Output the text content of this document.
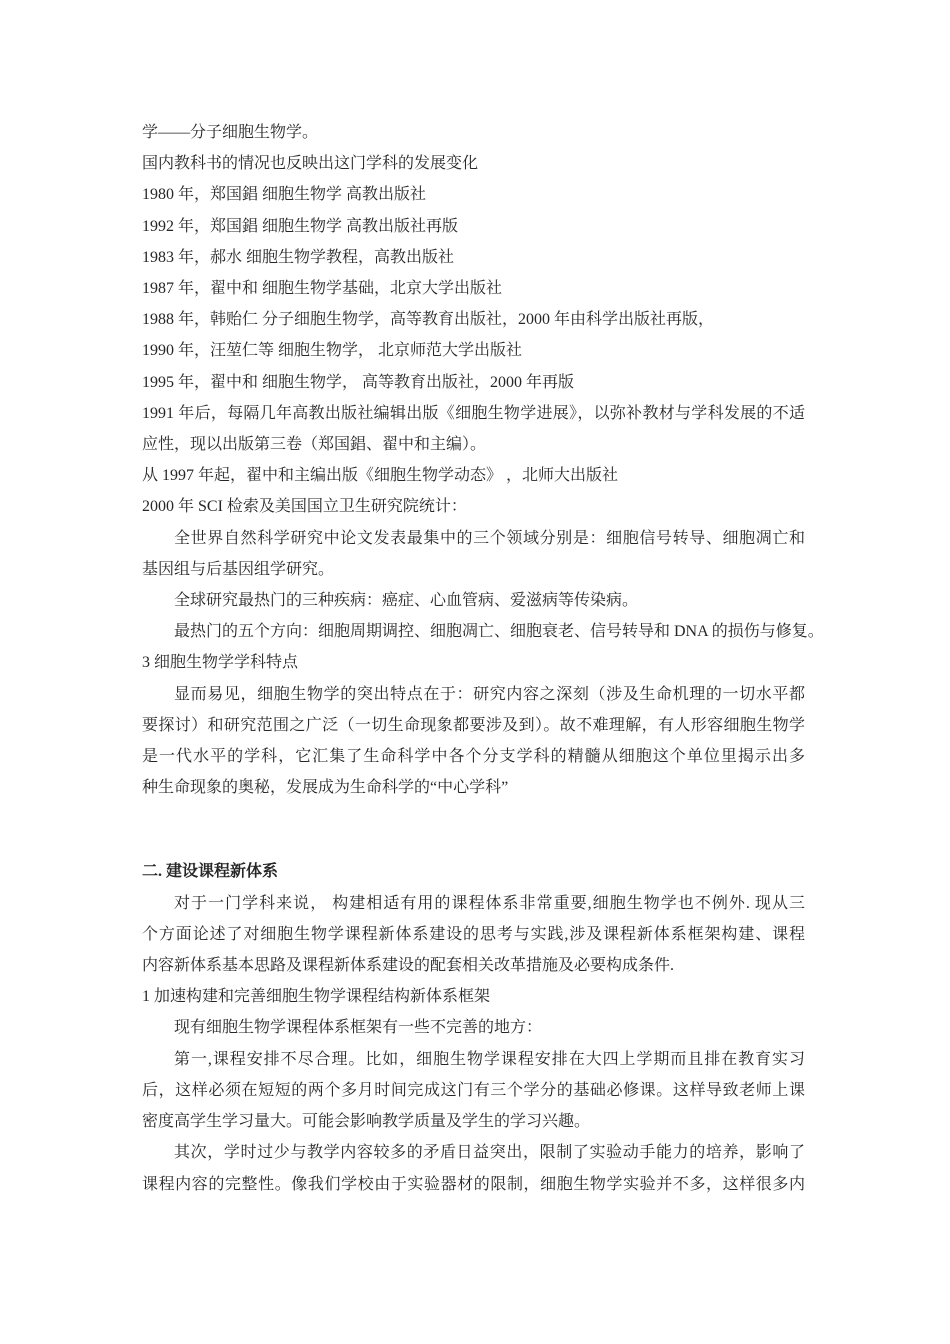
学——分子细胞生物学。
国内教科书的情况也反映出这门学科的发展变化
1980 年，郑国錩 细胞生物学 高教出版社
1992 年，郑国錩 细胞生物学 高教出版社再版
1983 年，郝水 细胞生物学教程，高教出版社
1987 年，翟中和 细胞生物学基础，北京大学出版社
1988 年，韩贻仁 分子细胞生物学，高等教育出版社，2000 年由科学出版社再版，
1990 年，汪堃仁等 细胞生物学， 北京师范大学出版社
1995 年，翟中和 细胞生物学， 高等教育出版社，2000 年再版
1991 年后，每隔几年高教出版社编辑出版《细胞生物学进展》，以弥补教材与学科发展的不适
应性，现以出版第三卷（郑国錩、翟中和主编）。
从 1997 年起，翟中和主编出版《细胞生物学动态》 ，北师大出版社
2000 年 SCI 检索及美国国立卫生研究院统计：
全世界自然科学研究中论文发表最集中的三个领域分别是：细胞信号转导、细胞凋亡和
基因组与后基因组学研究。
全球研究最热门的三种疾病：癌症、心血管病、爱滋病等传染病。
最热门的五个方向：细胞周期调控、细胞凋亡、细胞衰老、信号转导和 DNA 的损伤与修复。
3 细胞生物学学科特点
显而易见，细胞生物学的突出特点在于：研究内容之深刻（涉及生命机理的一切水平都
要探讨）和研究范围之广泛（一切生命现象都要涉及到）。故不难理解，有人形容细胞生物学
是一代水平的学科，它汇集了生命科学中各个分支学科的精髓从细胞这个单位里揭示出多
种生命现象的奥秘，发展成为生命科学的“中心学科”
二. 建设课程新体系
对于一门学科来说， 构建相适有用的课程体系非常重要,细胞生物学也不例外. 现从三
个方面论述了对细胞生物学课程新体系建设的思考与实践,涉及课程新体系框架构建、课程
内容新体系基本思路及课程新体系建设的配套相关改革措施及必要构成条件.
1 加速构建和完善细胞生物学课程结构新体系框架
现有细胞生物学课程体系框架有一些不完善的地方：
第一,课程安排不尽合理。比如，细胞生物学课程安排在大四上学期而且排在教育实习
后，这样必须在短短的两个多月时间完成这门有三个学分的基础必修课。这样导致老师上课
密度高学生学习量大。可能会影响教学质量及学生的学习兴趣。
其次，学时过少与教学内容较多的矛盾日益突出，限制了实验动手能力的培养，影响了
课程内容的完整性。像我们学校由于实验器材的限制，细胞生物学实验并不多，这样很多内
